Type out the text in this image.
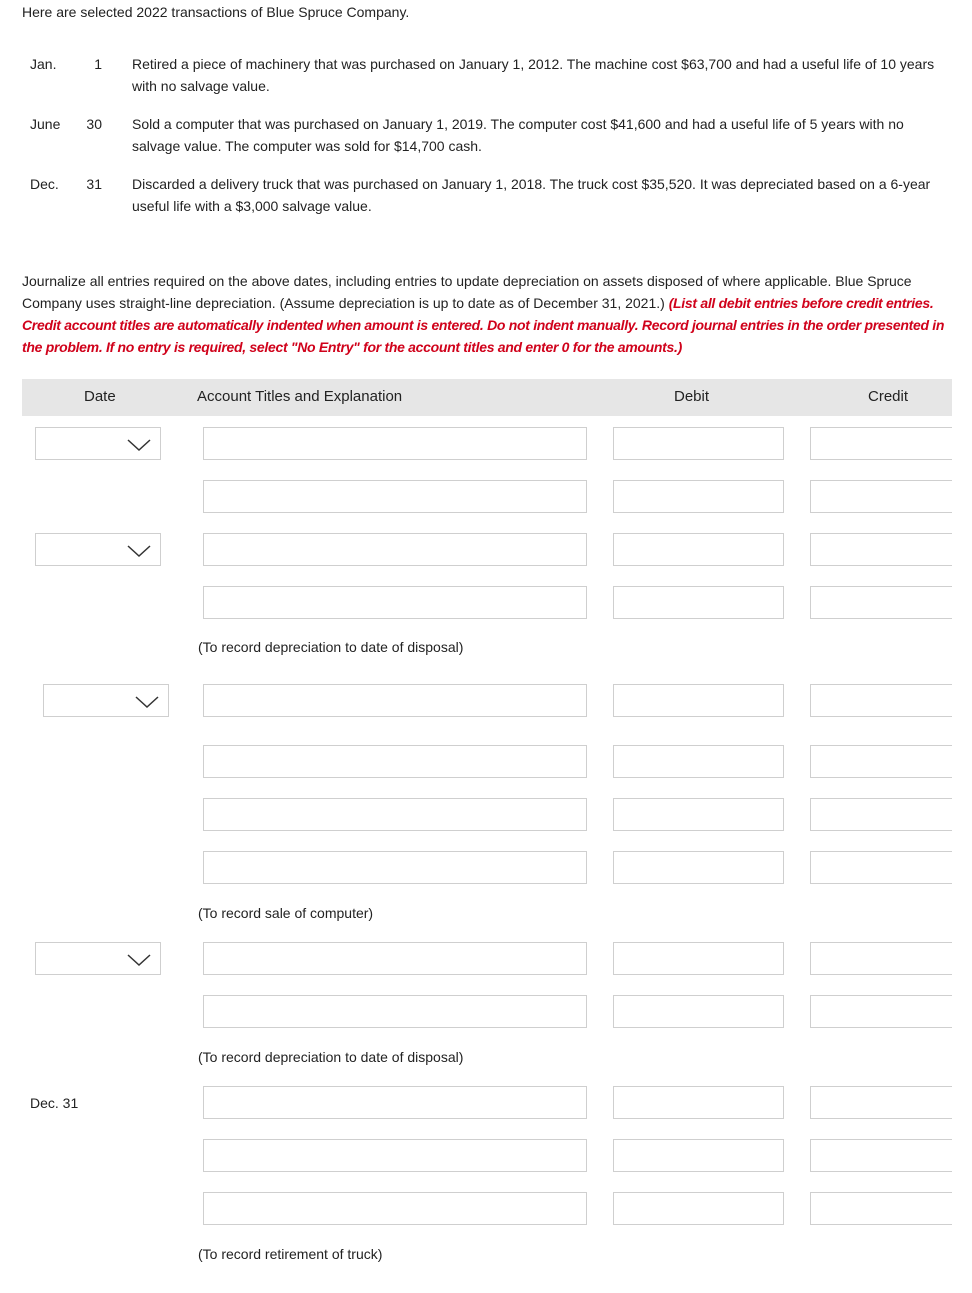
Here are selected 2022 transactions of Blue Spruce Company.
Jan.	1 Retired a piece of machinery that was purchased on January 1, 2012. The machine cost $63,700 and had a useful life of 10 years with no salvage value.
June	30 Sold a computer that was purchased on January 1, 2019. The computer cost $41,600 and had a useful life of 5 years with no salvage value. The computer was sold for $14,700 cash.
Dec.	31 Discarded a delivery truck that was purchased on January 1, 2018. The truck cost $35,520. It was depreciated based on a 6-year useful life with a $3,000 salvage value.
Journalize all entries required on the above dates, including entries to update depreciation on assets disposed of where applicable. Blue Spruce Company uses straight-line depreciation. (Assume depreciation is up to date as of December 31, 2021.) (List all debit entries before credit entries. Credit account titles are automatically indented when amount is entered. Do not indent manually. Record journal entries in the order presented in the problem. If no entry is required, select "No Entry" for the account titles and enter 0 for the amounts.)
Date	Account Titles and Explanation	Debit	Credit
Dec. 31
(To record depreciation to date of disposal)
(To record sale of computer)
(To record depreciation to date of disposal)
(To record retirement of truck)
